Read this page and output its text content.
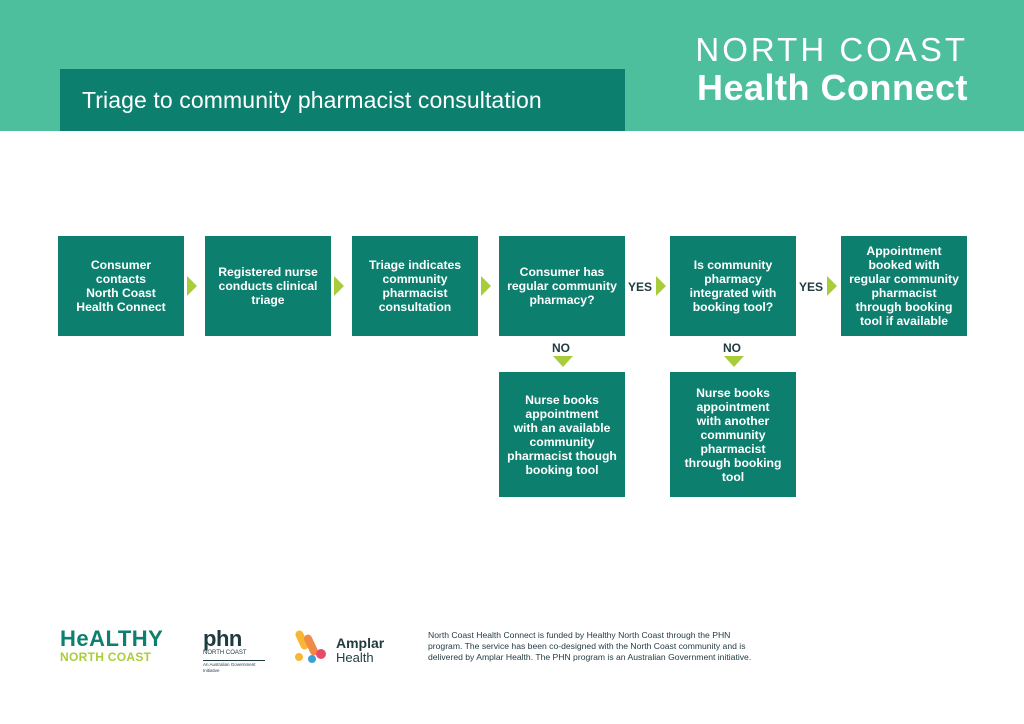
Triage to community pharmacist consultation
NORTH COAST
Health Connect
Consumer
contacts
North Coast
Health Connect
Registered nurse
conducts clinical
triage
Triage indicates
community
pharmacist
consultation
Consumer has
regular community
pharmacy?
YES
Is community
pharmacy
integrated with
booking tool?
YES
Appointment
booked with
regular community
pharmacist
through booking
tool if available
NO
Nurse books
appointment
with an available
community
pharmacist though
booking tool
NO
Nurse books
appointment
with another
community
pharmacist
through booking
tool
HeALTHY
NORTH COAST
phn
NORTH COAST
An Australian Government Initiative
Amplar
Health
North Coast Health Connect is funded by Healthy North Coast through the PHN program. The service has been co-designed with the North Coast community and is delivered by Amplar Health. The PHN program is an Australian Government initiative.
